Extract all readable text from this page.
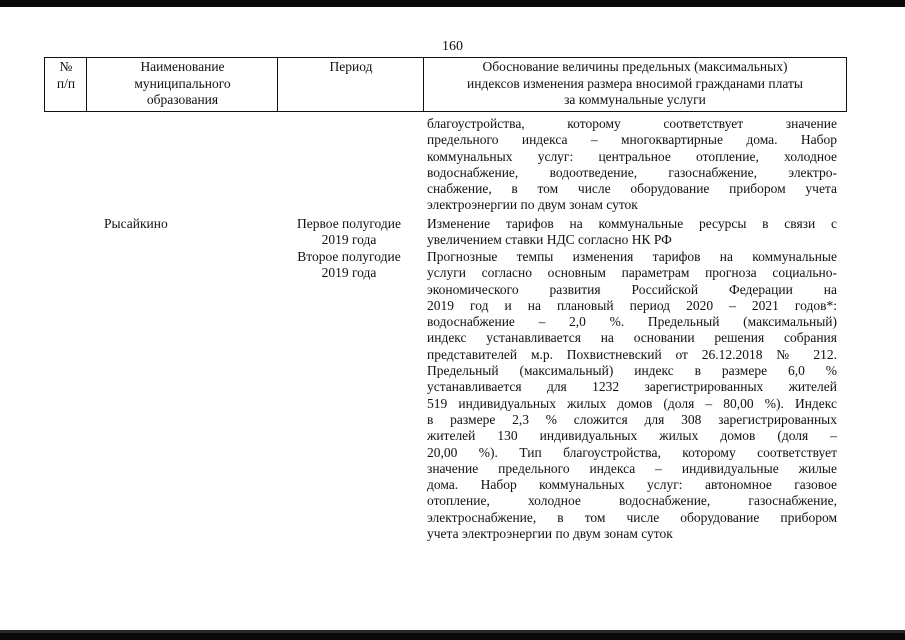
160
№
п/п
Наименование
муниципального
образования
Период	Обоснование величины предельных (максимальных)
индексов изменения размера вносимой гражданами платы
за коммунальные услуги
благоустройства, которому соответствует значение
предельного индекса – многоквартирные дома. Набор
коммунальных услуг: центральное отопление, холодное
водоснабжение, водоотведение, газоснабжение, электро-
снабжение, в том числе оборудование прибором учета
электроэнергии по двум зонам суток
Рысайкино	Первое полугодие
2019 года
Второе полугодие
2019 года
Изменение тарифов на коммунальные ресурсы в связи с
увеличением ставки НДС согласно НК РФ
Прогнозные темпы изменения тарифов на коммунальные
услуги согласно основным параметрам прогноза социально-
экономического развития Российской Федерации на
2019 год и на плановый период 2020 – 2021 годов*:
водоснабжение – 2,0 %. Предельный (максимальный)
индекс устанавливается на основании решения собрания
представителей м.р. Похвистневский от 26.12.2018 № 212.
Предельный (максимальный) индекс в размере 6,0 %
устанавливается для 1232 зарегистрированных жителей
519 индивидуальных жилых домов (доля – 80,00 %). Индекс
в размере 2,3 % сложится для 308 зарегистрированных
жителей 130 индивидуальных жилых домов (доля –
20,00 %). Тип благоустройства, которому соответствует
значение предельного индекса – индивидуальные жилые
дома. Набор коммунальных услуг: автономное газовое
отопление, холодное водоснабжение, газоснабжение,
электроснабжение, в том числе оборудование прибором
учета электроэнергии по двум зонам суток
